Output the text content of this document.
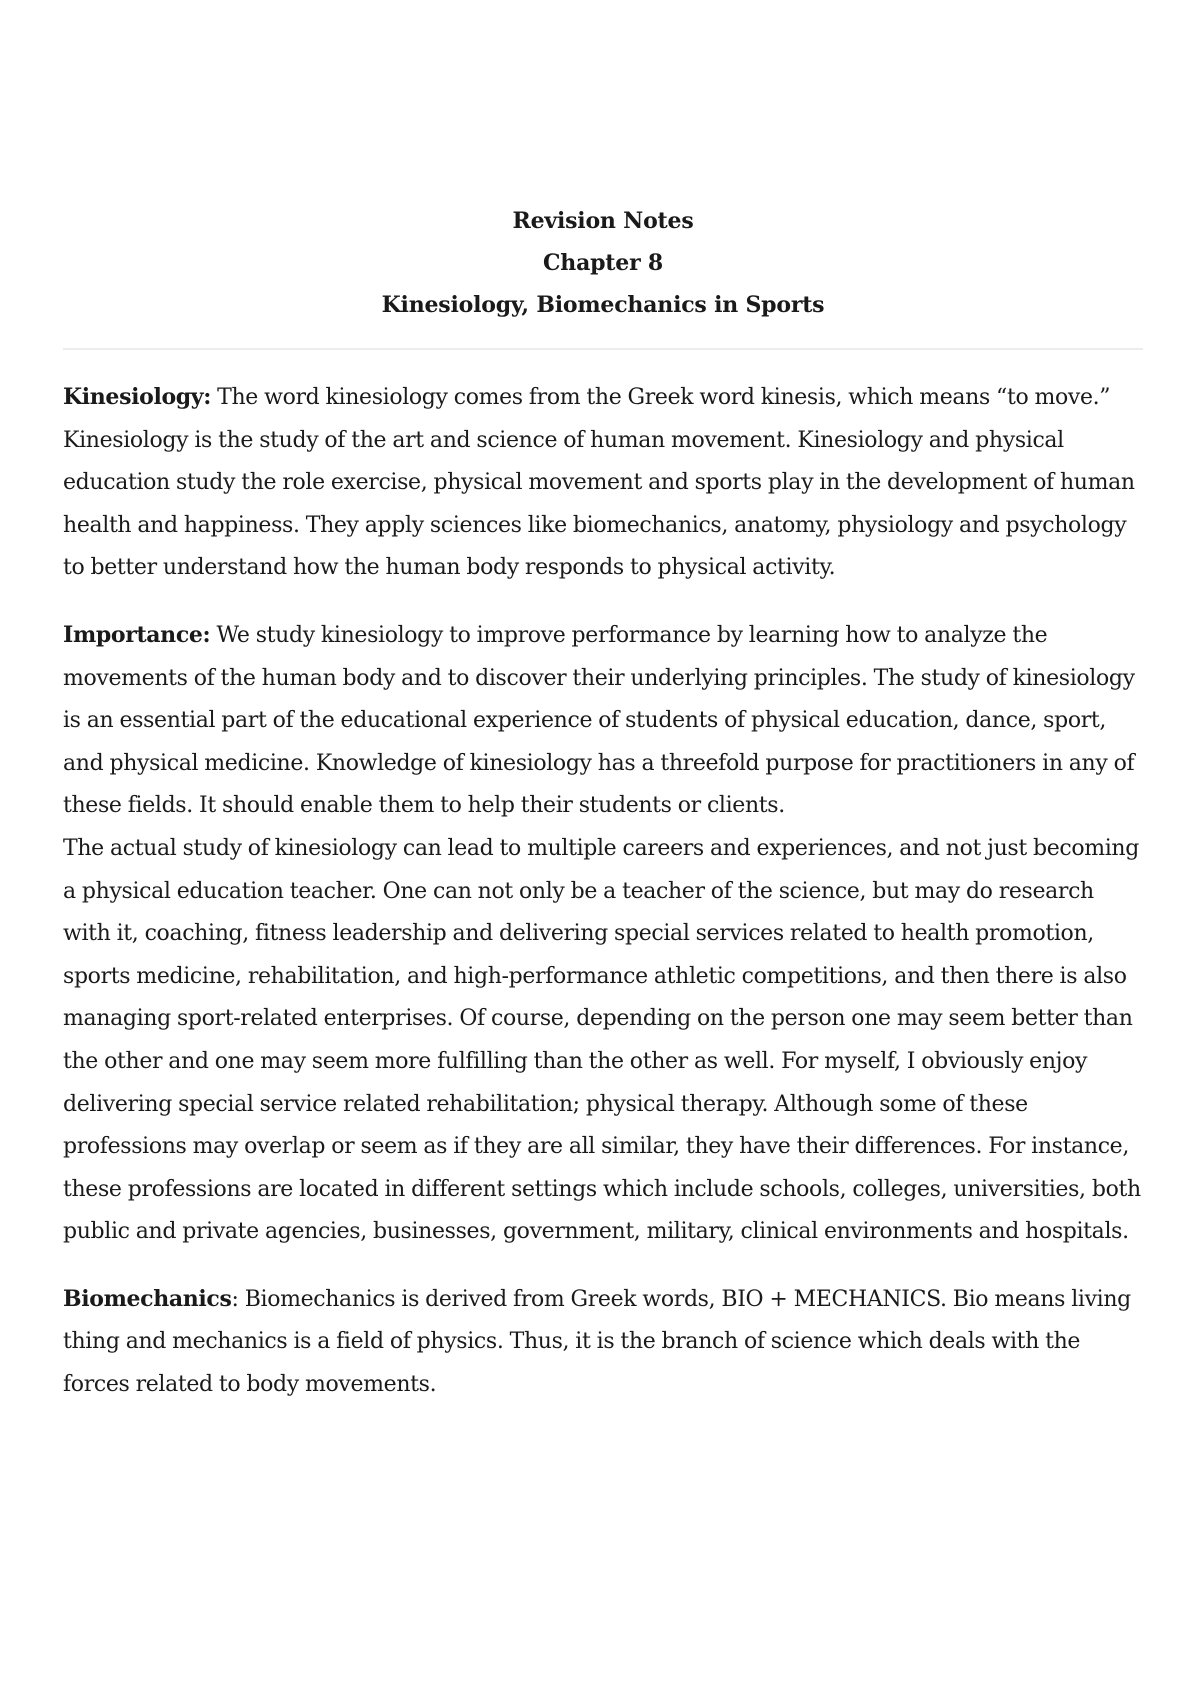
Revision Notes
Chapter 8
Kinesiology, Biomechanics in Sports

Kinesiology: The word kinesiology comes from the Greek word kinesis, which means “to move.” Kinesiology is the study of the art and science of human movement. Kinesiology and physical education study the role exercise, physical movement and sports play in the development of human health and happiness. They apply sciences like biomechanics, anatomy, physiology and psychology to better understand how the human body responds to physical activity.

Importance: We study kinesiology to improve performance by learning how to analyze the movements of the human body and to discover their underlying principles. The study of kinesiology is an essential part of the educational experience of students of physical education, dance, sport, and physical medicine. Knowledge of kinesiology has a threefold purpose for practitioners in any of these fields. It should enable them to help their students or clients.

The actual study of kinesiology can lead to multiple careers and experiences, and not just becoming a physical education teacher. One can not only be a teacher of the science, but may do research with it, coaching, fitness leadership and delivering special services related to health promotion, sports medicine, rehabilitation, and high-performance athletic competitions, and then there is also managing sport-related enterprises. Of course, depending on the person one may seem better than the other and one may seem more fulfilling than the other as well. For myself, I obviously enjoy delivering special service related rehabilitation; physical therapy. Although some of these professions may overlap or seem as if they are all similar, they have their differences. For instance, these professions are located in different settings which include schools, colleges, universities, both public and private agencies, businesses, government, military, clinical environments and hospitals.

Biomechanics: Biomechanics is derived from Greek words, BIO + MECHANICS. Bio means living thing and mechanics is a field of physics. Thus, it is the branch of science which deals with the forces related to body movements.
